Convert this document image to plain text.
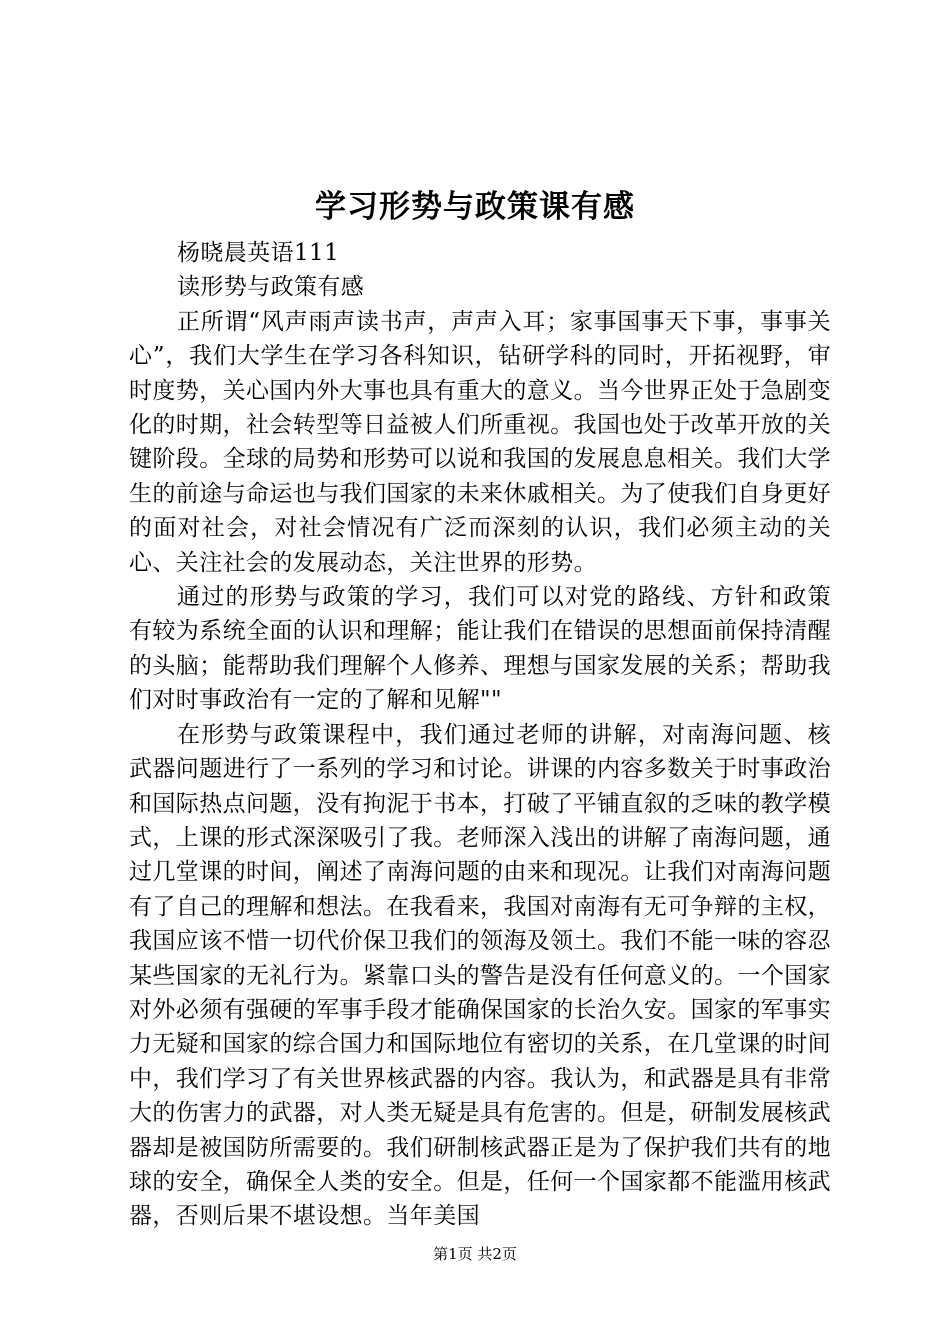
学习形势与政策课有感

杨晓晨英语111

读形势与政策有感

正所谓“风声雨声读书声，声声入耳；家事国事天下事，事事关心”，我们大学生在学习各科知识，钻研学科的同时，开拓视野，审时度势，关心国内外大事也具有重大的意义。当今世界正处于急剧变化的时期，社会转型等日益被人们所重视。我国也处于改革开放的关键阶段。全球的局势和形势可以说和我国的发展息息相关。我们大学生的前途与命运也与我们国家的未来休戚相关。为了使我们自身更好的面对社会，对社会情况有广泛而深刻的认识，我们必须主动的关心、关注社会的发展动态，关注世界的形势。

通过的形势与政策的学习，我们可以对党的路线、方针和政策有较为系统全面的认识和理解；能让我们在错误的思想面前保持清醒的头脑；能帮助我们理解个人修养、理想与国家发展的关系；帮助我们对时事政治有一定的了解和见解""

在形势与政策课程中，我们通过老师的讲解，对南海问题、核武器问题进行了一系列的学习和讨论。讲课的内容多数关于时事政治和国际热点问题，没有拘泥于书本，打破了平铺直叙的乏味的教学模式，上课的形式深深吸引了我。老师深入浅出的讲解了南海问题，通过几堂课的时间，阐述了南海问题的由来和现况。让我们对南海问题有了自己的理解和想法。在我看来，我国对南海有无可争辩的主权，我国应该不惜一切代价保卫我们的领海及领土。我们不能一味的容忍某些国家的无礼行为。紧靠口头的警告是没有任何意义的。一个国家对外必须有强硬的军事手段才能确保国家的长治久安。国家的军事实力无疑和国家的综合国力和国际地位有密切的关系，在几堂课的时间中，我们学习了有关世界核武器的内容。我认为，和武器是具有非常大的伤害力的武器，对人类无疑是具有危害的。但是，研制发展核武器却是被国防所需要的。我们研制核武器正是为了保护我们共有的地球的安全，确保全人类的安全。但是，任何一个国家都不能滥用核武器，否则后果不堪设想。当年美国

第1页 共2页
